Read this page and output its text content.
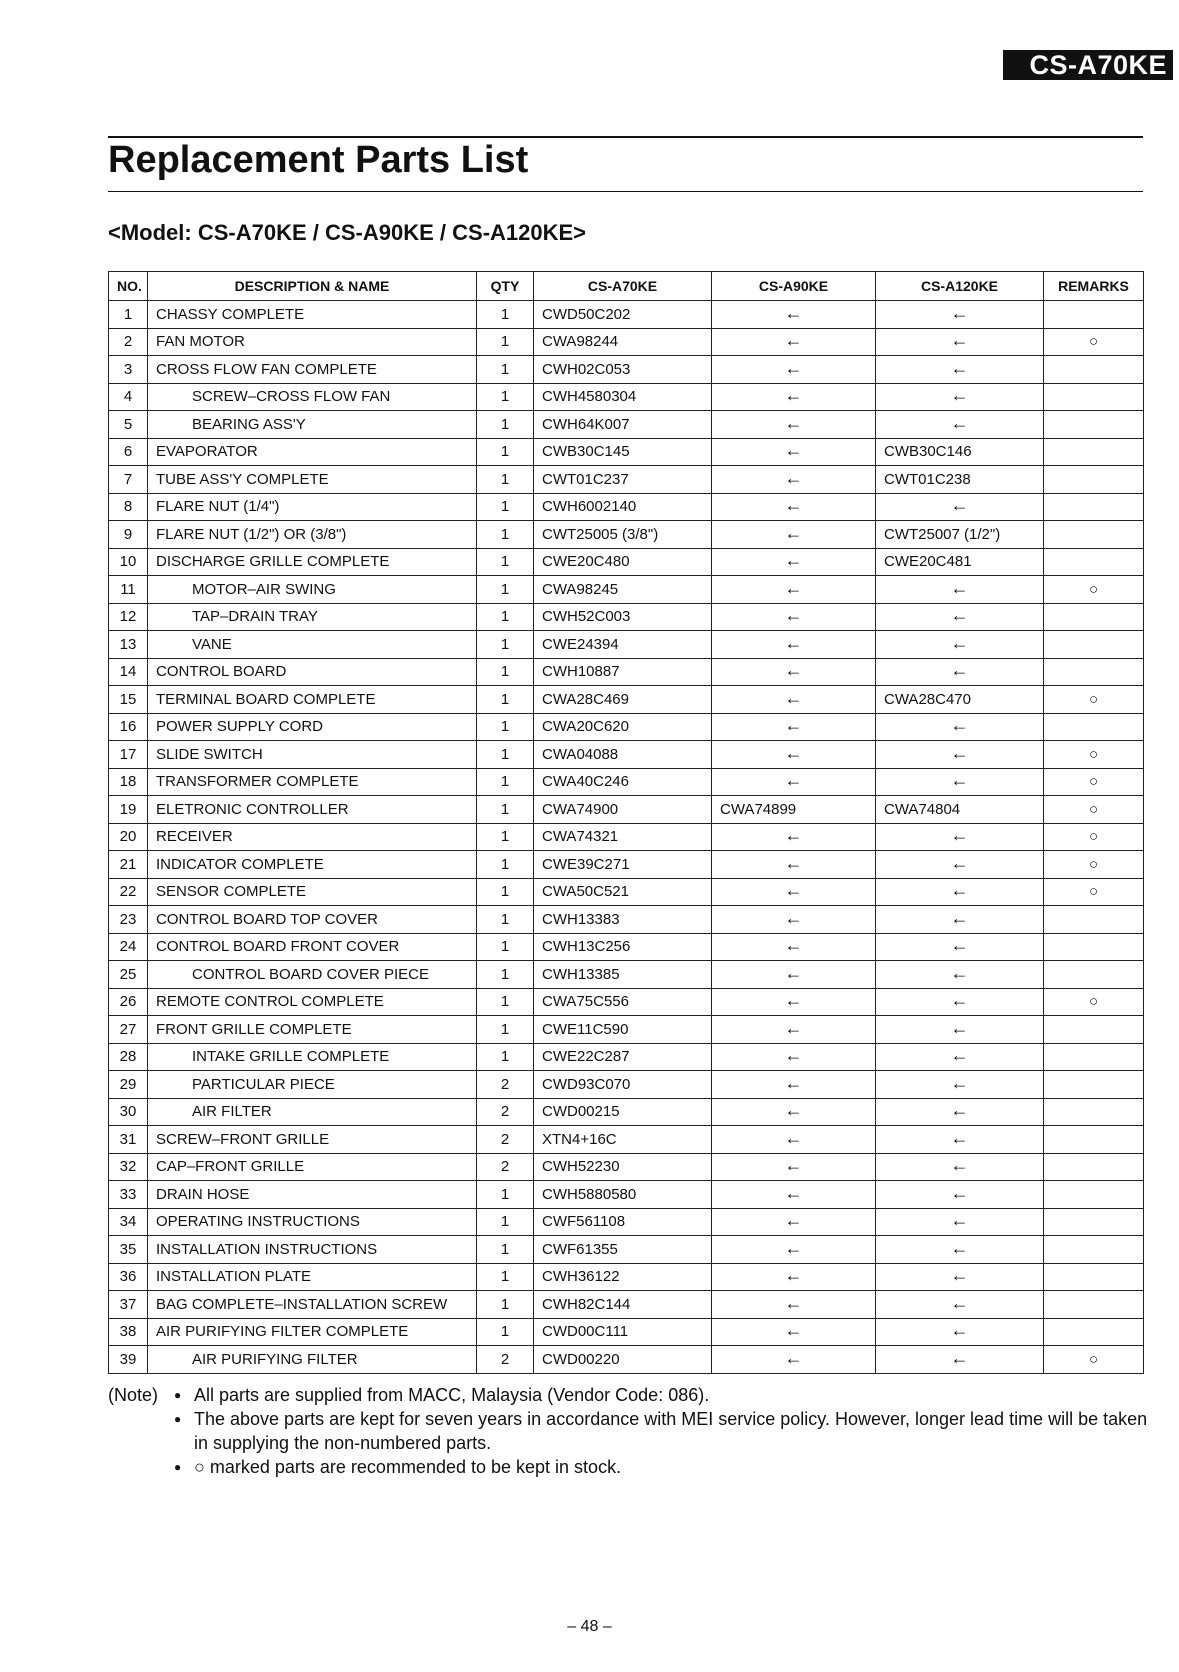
CS-A70KE
Replacement Parts List
<Model: CS-A70KE / CS-A90KE / CS-A120KE>
NO.	DESCRIPTION & NAME	QTY	CS-A70KE	CS-A90KE	CS-A120KE	REMARKS
1	CHASSY COMPLETE	1	CWD50C202	←	←	
2	FAN MOTOR	1	CWA98244	←	←	○
3	CROSS FLOW FAN COMPLETE	1	CWH02C053	←	←	
4	SCREW–CROSS FLOW FAN	1	CWH4580304	←	←	
5	BEARING ASS'Y	1	CWH64K007	←	←	
6	EVAPORATOR	1	CWB30C145	←	CWB30C146	
7	TUBE ASS'Y COMPLETE	1	CWT01C237	←	CWT01C238	
8	FLARE NUT (1/4")	1	CWH6002140	←	←	
9	FLARE NUT (1/2") OR (3/8")	1	CWT25005 (3/8")	←	CWT25007 (1/2")	
10	DISCHARGE GRILLE COMPLETE	1	CWE20C480	←	CWE20C481	
11	MOTOR–AIR SWING	1	CWA98245	←	←	○
12	TAP–DRAIN TRAY	1	CWH52C003	←	←	
13	VANE	1	CWE24394	←	←	
14	CONTROL BOARD	1	CWH10887	←	←	
15	TERMINAL BOARD COMPLETE	1	CWA28C469	←	CWA28C470	○
16	POWER SUPPLY CORD	1	CWA20C620	←	←	
17	SLIDE SWITCH	1	CWA04088	←	←	○
18	TRANSFORMER COMPLETE	1	CWA40C246	←	←	○
19	ELETRONIC CONTROLLER	1	CWA74900	CWA74899	CWA74804	○
20	RECEIVER	1	CWA74321	←	←	○
21	INDICATOR COMPLETE	1	CWE39C271	←	←	○
22	SENSOR COMPLETE	1	CWA50C521	←	←	○
23	CONTROL BOARD TOP COVER	1	CWH13383	←	←	
24	CONTROL BOARD FRONT COVER	1	CWH13C256	←	←	
25	CONTROL BOARD COVER PIECE	1	CWH13385	←	←	
26	REMOTE CONTROL COMPLETE	1	CWA75C556	←	←	○
27	FRONT GRILLE COMPLETE	1	CWE11C590	←	←	
28	INTAKE GRILLE COMPLETE	1	CWE22C287	←	←	
29	PARTICULAR PIECE	2	CWD93C070	←	←	
30	AIR FILTER	2	CWD00215	←	←	
31	SCREW–FRONT GRILLE	2	XTN4+16C	←	←	
32	CAP–FRONT GRILLE	2	CWH52230	←	←	
33	DRAIN HOSE	1	CWH5880580	←	←	
34	OPERATING INSTRUCTIONS	1	CWF561108	←	←	
35	INSTALLATION INSTRUCTIONS	1	CWF61355	←	←	
36	INSTALLATION PLATE	1	CWH36122	←	←	
37	BAG COMPLETE–INSTALLATION SCREW	1	CWH82C144	←	←	
38	AIR PURIFYING FILTER COMPLETE	1	CWD00C111	←	←	
39	AIR PURIFYING FILTER	2	CWD00220	←	←	○
(Note)	● All parts are supplied from MACC, Malaysia (Vendor Code: 086).
● The above parts are kept for seven years in accordance with MEI service policy. However, longer lead time will be taken in supplying the non-numbered parts.
● ○ marked parts are recommended to be kept in stock.
– 48 –
